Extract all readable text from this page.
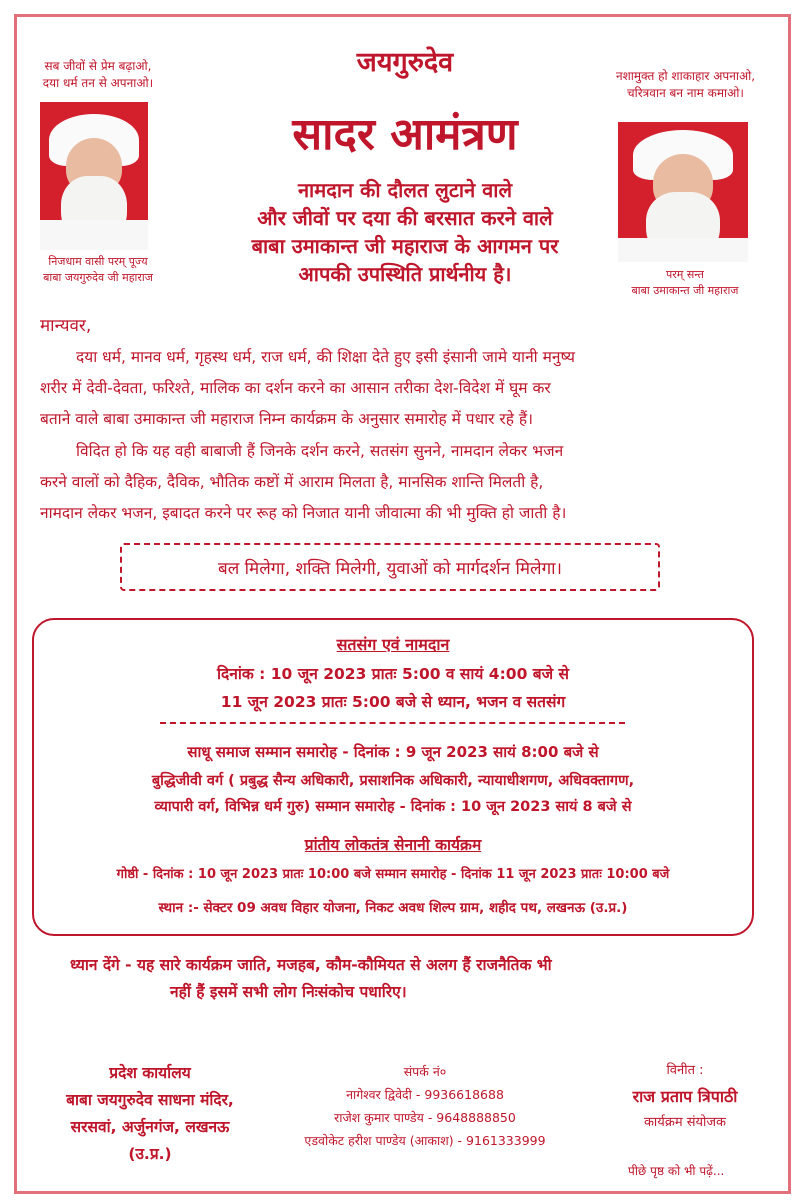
जयगुरुदेव
सादर आमंत्रण
नामदान की दौलत लुटाने वाले
और जीवों पर दया की बरसात करने वाले
बाबा उमाकान्त जी महाराज के आगमन पर
आपकी उपस्थिति प्रार्थनीय है।
सब जीवों से प्रेम बढ़ाओ,
दया धर्म तन से अपनाओ।
निजधाम वासी परम् पूज्य
बाबा जयगुरुदेव जी महाराज
नशामुक्त हो शाकाहार अपनाओ,
चरित्रवान बन नाम कमाओ।
परम् सन्त
बाबा उमाकान्त जी महाराज
मान्यवर,
दया धर्म, मानव धर्म, गृहस्थ धर्म, राज धर्म, की शिक्षा देते हुए इसी इंसानी जामे यानी मनुष्य
शरीर में देवी-देवता, फरिश्ते, मालिक का दर्शन करने का आसान तरीका देश-विदेश में घूम कर
बताने वाले बाबा उमाकान्त जी महाराज निम्न कार्यक्रम के अनुसार समारोह में पधार रहे हैं।
विदित हो कि यह वही बाबाजी हैं जिनके दर्शन करने, सतसंग सुनने, नामदान लेकर भजन
करने वालों को दैहिक, दैविक, भौतिक कष्टों में आराम मिलता है, मानसिक शान्ति मिलती है,
नामदान लेकर भजन, इबादत करने पर रूह को निजात यानी जीवात्मा की भी मुक्ति हो जाती है।
बल मिलेगा, शक्ति मिलेगी, युवाओं को मार्गदर्शन मिलेगा।
सतसंग एवं नामदान
दिनांक : 10 जून 2023 प्रातः 5:00 व सायं 4:00 बजे से
11 जून 2023 प्रातः 5:00 बजे से ध्यान, भजन व सतसंग
साधू समाज सम्मान समारोह - दिनांक : 9 जून 2023 सायं 8:00 बजे से
बुद्धिजीवी वर्ग ( प्रबुद्ध सैन्य अधिकारी, प्रसाशनिक अधिकारी, न्यायाधीशगण, अधिवक्तागण,
व्यापारी वर्ग, विभिन्न धर्म गुरु) सम्मान समारोह - दिनांक : 10 जून 2023 सायं 8 बजे से
प्रांतीय लोकतंत्र सेनानी कार्यक्रम
गोष्ठी - दिनांक : 10 जून 2023 प्रातः 10:00 बजे सम्मान समारोह - दिनांक 11 जून 2023 प्रातः 10:00 बजे
स्थान :- सेक्टर 09 अवध विहार योजना, निकट अवध शिल्प ग्राम, शहीद पथ, लखनऊ (उ.प्र.)
ध्यान देंगे - यह सारे कार्यक्रम जाति, मजहब, कौम-कौमियत से अलग हैं राजनैतिक भी
नहीं हैं इसमें सभी लोग निःसंकोच पधारिए।
प्रदेश कार्यालय
बाबा जयगुरुदेव साधना मंदिर,
सरसवां, अर्जुनगंज, लखनऊ
(उ.प्र.)
संपर्क नं०
नागेश्वर द्विवेदी - 9936618688
राजेश कुमार पाण्डेय - 9648888850
एडवोकेट हरीश पाण्डेय (आकाश) - 9161333999
विनीत :
राज प्रताप त्रिपाठी
कार्यक्रम संयोजक
पीछे पृष्ठ को भी पढ़ें...
